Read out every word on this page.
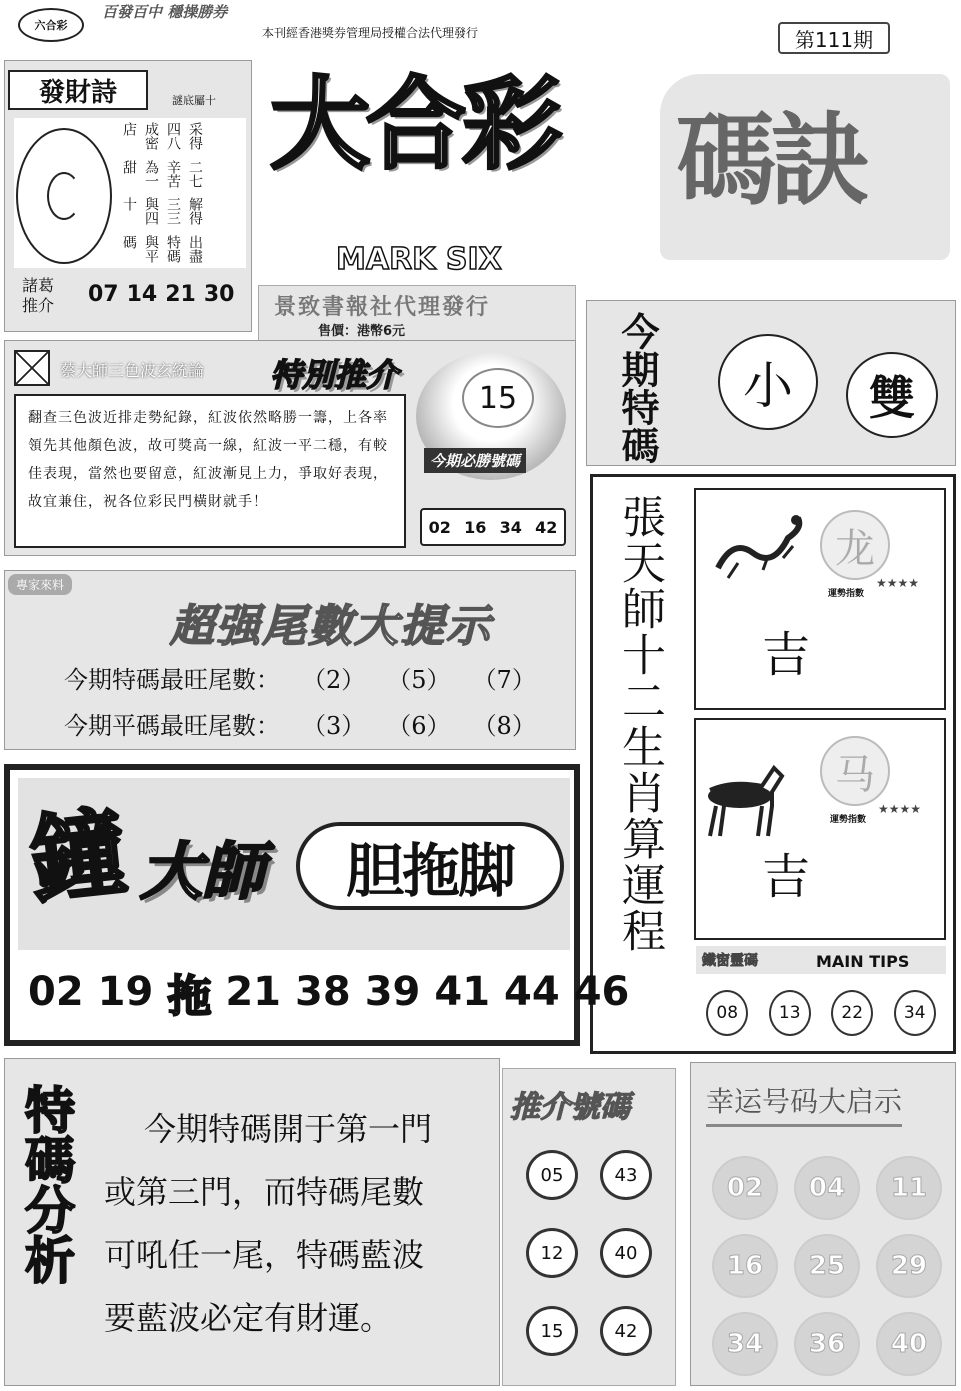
六合彩
百發百中 穩操勝券
本刊經香港獎券管理局授權合法代理發行	第111期
發財詩	謎底屬十
出盡特碼與平碼
解得三三與四十
二七辛苦為一甜
采得四八成密店
諸葛
推介 07 14 21 30
大合彩 碼訣
MARK SIX
景致書報社代理發行
售價：港幣6元	今期特碼 小 雙
蔡大師三色波玄統論 特別推介
翻查三色波近排走勢紀錄，紅波依然略勝一籌，上各率領先其他顏色波，故可獎高一線，紅波一平二穩，有較佳表現，當然也要留意，紅波漸見上力，爭取好表現，故宜兼住，祝各位彩民門橫財就手！
15
今期必勝號碼
02 16 34 42
專家來料
超强尾數大提示
今期特碼最旺尾數： （2） （5） （7）
今期平碼最旺尾數： （3） （6） （8） 張天師十二生肖算運程	龙
運勢指數
★★★★
吉
马
運勢指數
★★★★
吉
鐵窗靈碼	MAIN TIPS
08	13	22	34
鐘 大師	胆拖脚
02 19 拖 21 38 39 41 44 46
特碼分析	今期特碼開于第一門
或第三門，而特碼尾數
可吼任一尾，特碼藍波
要藍波必定有財運。
推介號碼
05	43
12	40
15	42
幸运号码大启示
02	04	11
16	25	29
34	36	40
